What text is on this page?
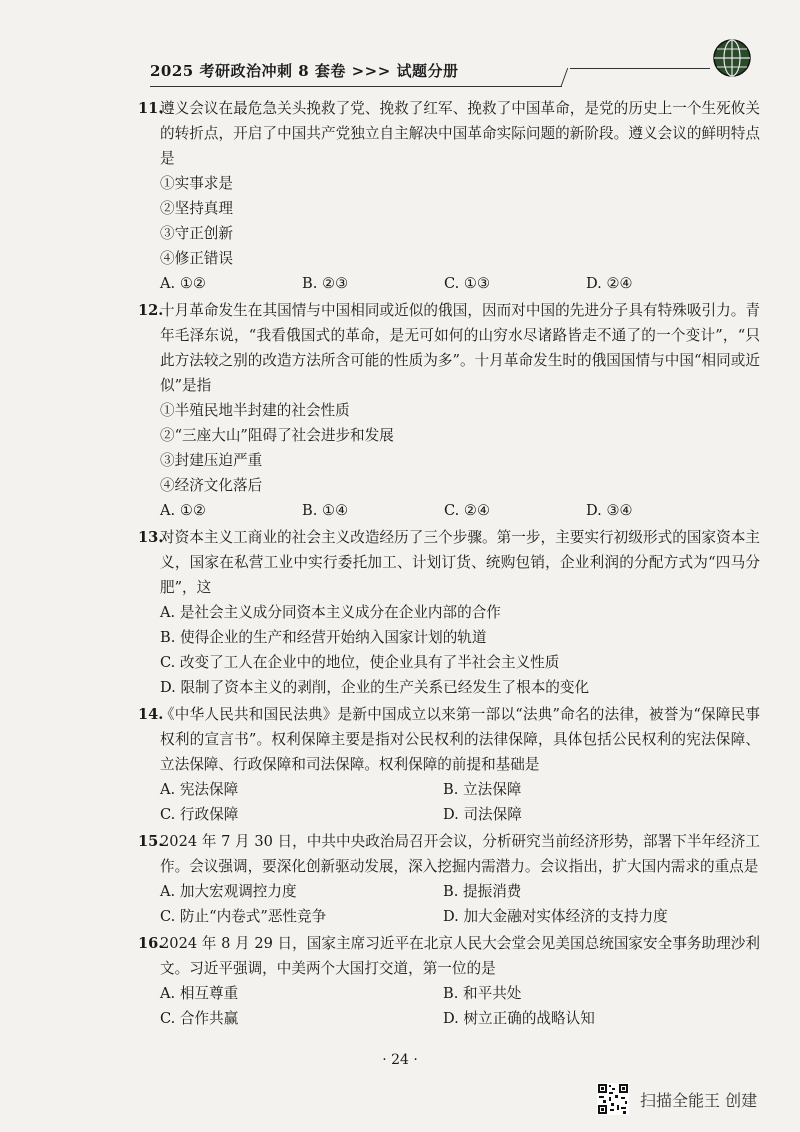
2025 考研政治冲刺 8 套卷 >>> 试题分册
11.
遵义会议在最危急关头挽救了党、挽救了红军、挽救了中国革命，是党的历史上一个生死攸关的转折点，开启了中国共产党独立自主解决中国革命实际问题的新阶段。遵义会议的鲜明特点是
①实事求是
②坚持真理
③守正创新
④修正错误
A. ①②	B. ②③	C. ①③	D. ②④
12.
十月革命发生在其国情与中国相同或近似的俄国，因而对中国的先进分子具有特殊吸引力。青年毛泽东说，“我看俄国式的革命，是无可如何的山穷水尽诸路皆走不通了的一个变计”，“只此方法较之别的改造方法所含可能的性质为多”。十月革命发生时的俄国国情与中国“相同或近似”是指
①半殖民地半封建的社会性质
②“三座大山”阻碍了社会进步和发展
③封建压迫严重
④经济文化落后
A. ①②	B. ①④	C. ②④	D. ③④
13.
对资本主义工商业的社会主义改造经历了三个步骤。第一步，主要实行初级形式的国家资本主义，国家在私营工业中实行委托加工、计划订货、统购包销，企业利润的分配方式为“四马分肥”，这
A. 是社会主义成分同资本主义成分在企业内部的合作
B. 使得企业的生产和经营开始纳入国家计划的轨道
C. 改变了工人在企业中的地位，使企业具有了半社会主义性质
D. 限制了资本主义的剥削，企业的生产关系已经发生了根本的变化
14.
《中华人民共和国民法典》是新中国成立以来第一部以“法典”命名的法律，被誉为“保障民事权利的宣言书”。权利保障主要是指对公民权利的法律保障，具体包括公民权利的宪法保障、立法保障、行政保障和司法保障。权利保障的前提和基础是
A. 宪法保障	B. 立法保障
C. 行政保障	D. 司法保障
15.
2024 年 7 月 30 日，中共中央政治局召开会议，分析研究当前经济形势，部署下半年经济工作。会议强调，要深化创新驱动发展，深入挖掘内需潜力。会议指出，扩大国内需求的重点是
A. 加大宏观调控力度	B. 提振消费
C. 防止“内卷式”恶性竞争	D. 加大金融对实体经济的支持力度
16.
2024 年 8 月 29 日，国家主席习近平在北京人民大会堂会见美国总统国家安全事务助理沙利文。习近平强调，中美两个大国打交道，第一位的是
A. 相互尊重	B. 和平共处
C. 合作共赢	D. 树立正确的战略认知
· 24 ·
扫描全能王 创建
